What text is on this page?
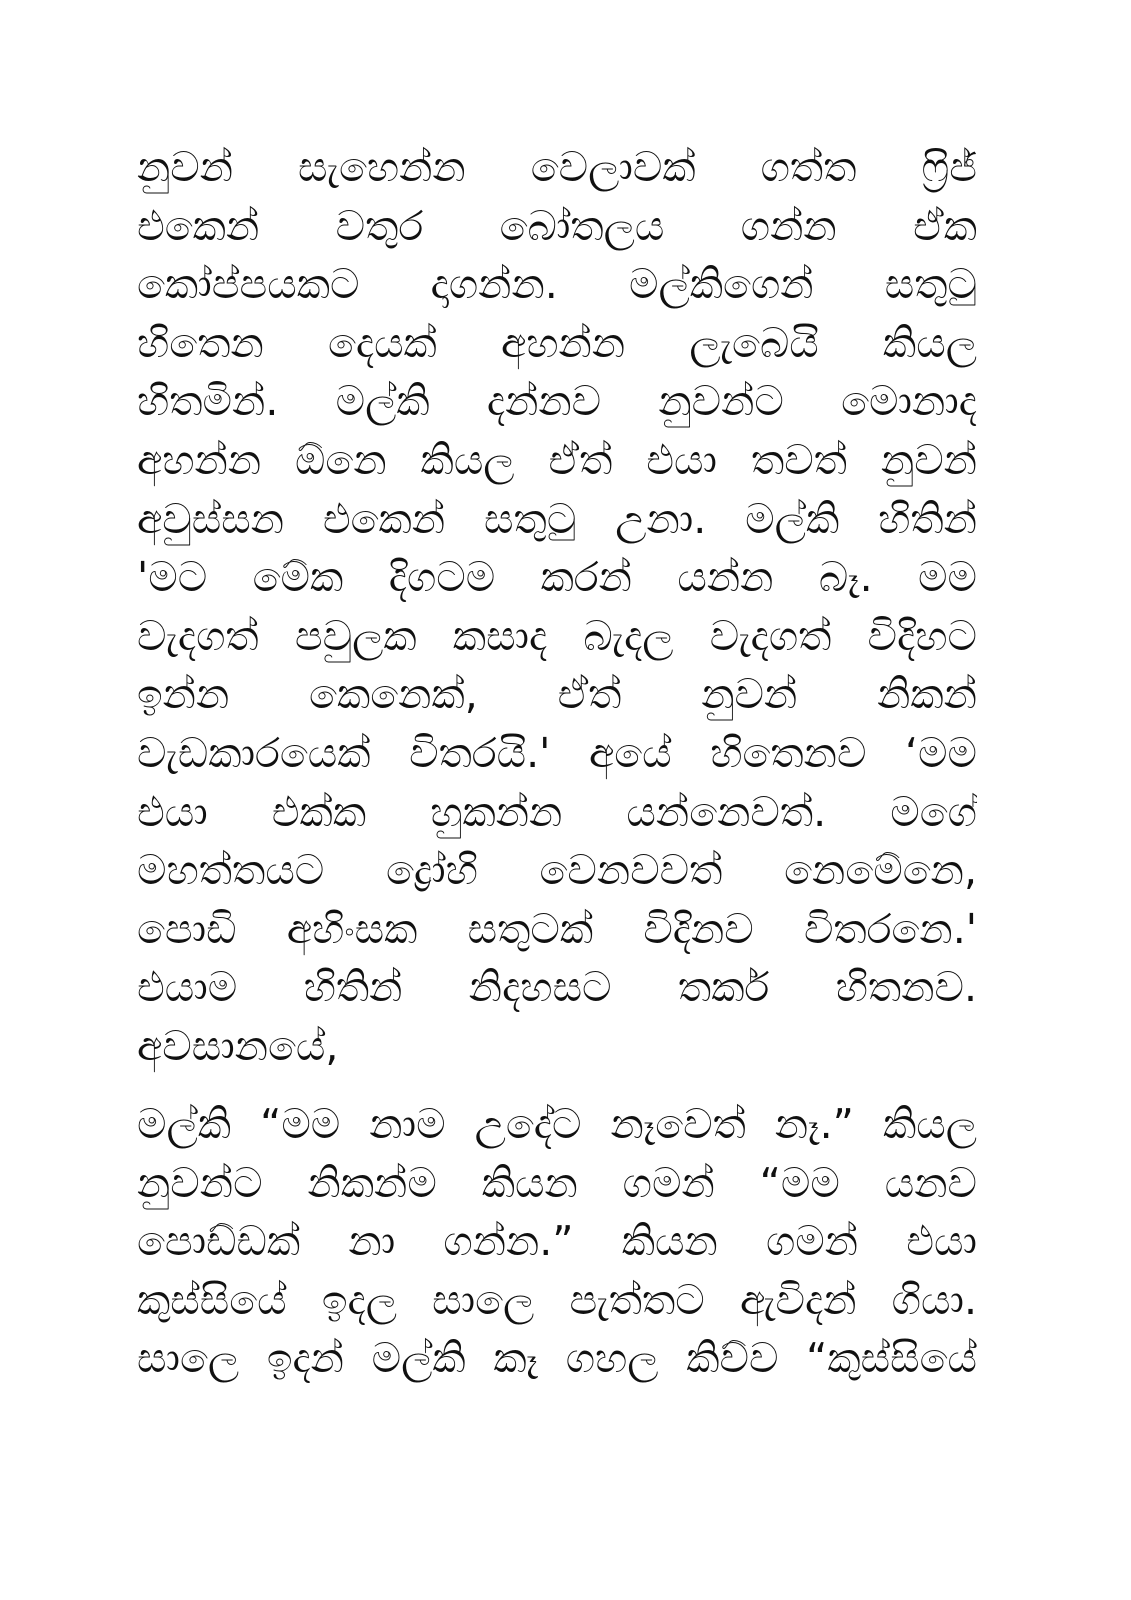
නුවන් සැහෙන්න වෙලාවක් ගත්ත ෆ්‍රිජ්
එකෙන් වතුර බෝතලය ගන්න ඒක
කෝප්පයකට දාගන්න. මල්කිගෙන් සතුටු
හිතෙන දෙයක් අහන්න ලැබෙයි කියල
හිතමින්. මල්කි දන්නව නුවන්ට මොනාද
අහන්න ඕනෙ කියල ඒත් එයා තවත් නුවන්
අවුස්සන එකෙන් සතුටු උනා. මල්කි හිතින්
'මට මේක දිගටම කරන් යන්න බෑ. මම
වැදගත් පවුලක කසාද බැදල වැදගත් විදිහට
ඉන්න කෙනෙක්, ඒත් නුවන් නිකන්
වැඩකාරයෙක් විතරයි.' අයේ හිතෙනව ‘මම
එයා එක්ක හුකන්න යන්නෙවත්. මගේ
මහත්තයට ද්‍රෝහි වෙනවවත් නෙමේනෙ,
පොඩි අහිංසක සතුටක් විදිනව විතරනෙ.'
එයාම හිතින් නිදහසට තර්ක හිතනව.
අවසානයේ,
මල්කි “මම නාම උදේට නෑවෙත් නෑ.” කියල
නුවන්ට නිකන්ම කියන ගමන් “මම යනව
පොඩ්ඩක් නා ගන්න.” කියන ගමන් එයා
කුස්සියේ ඉදල සාලෙ පැත්තට ඇවිදන් ගියා.
සාලෙ ඉදන් මල්කි කෑ ගහල කිව්ව “කුස්සියේ
